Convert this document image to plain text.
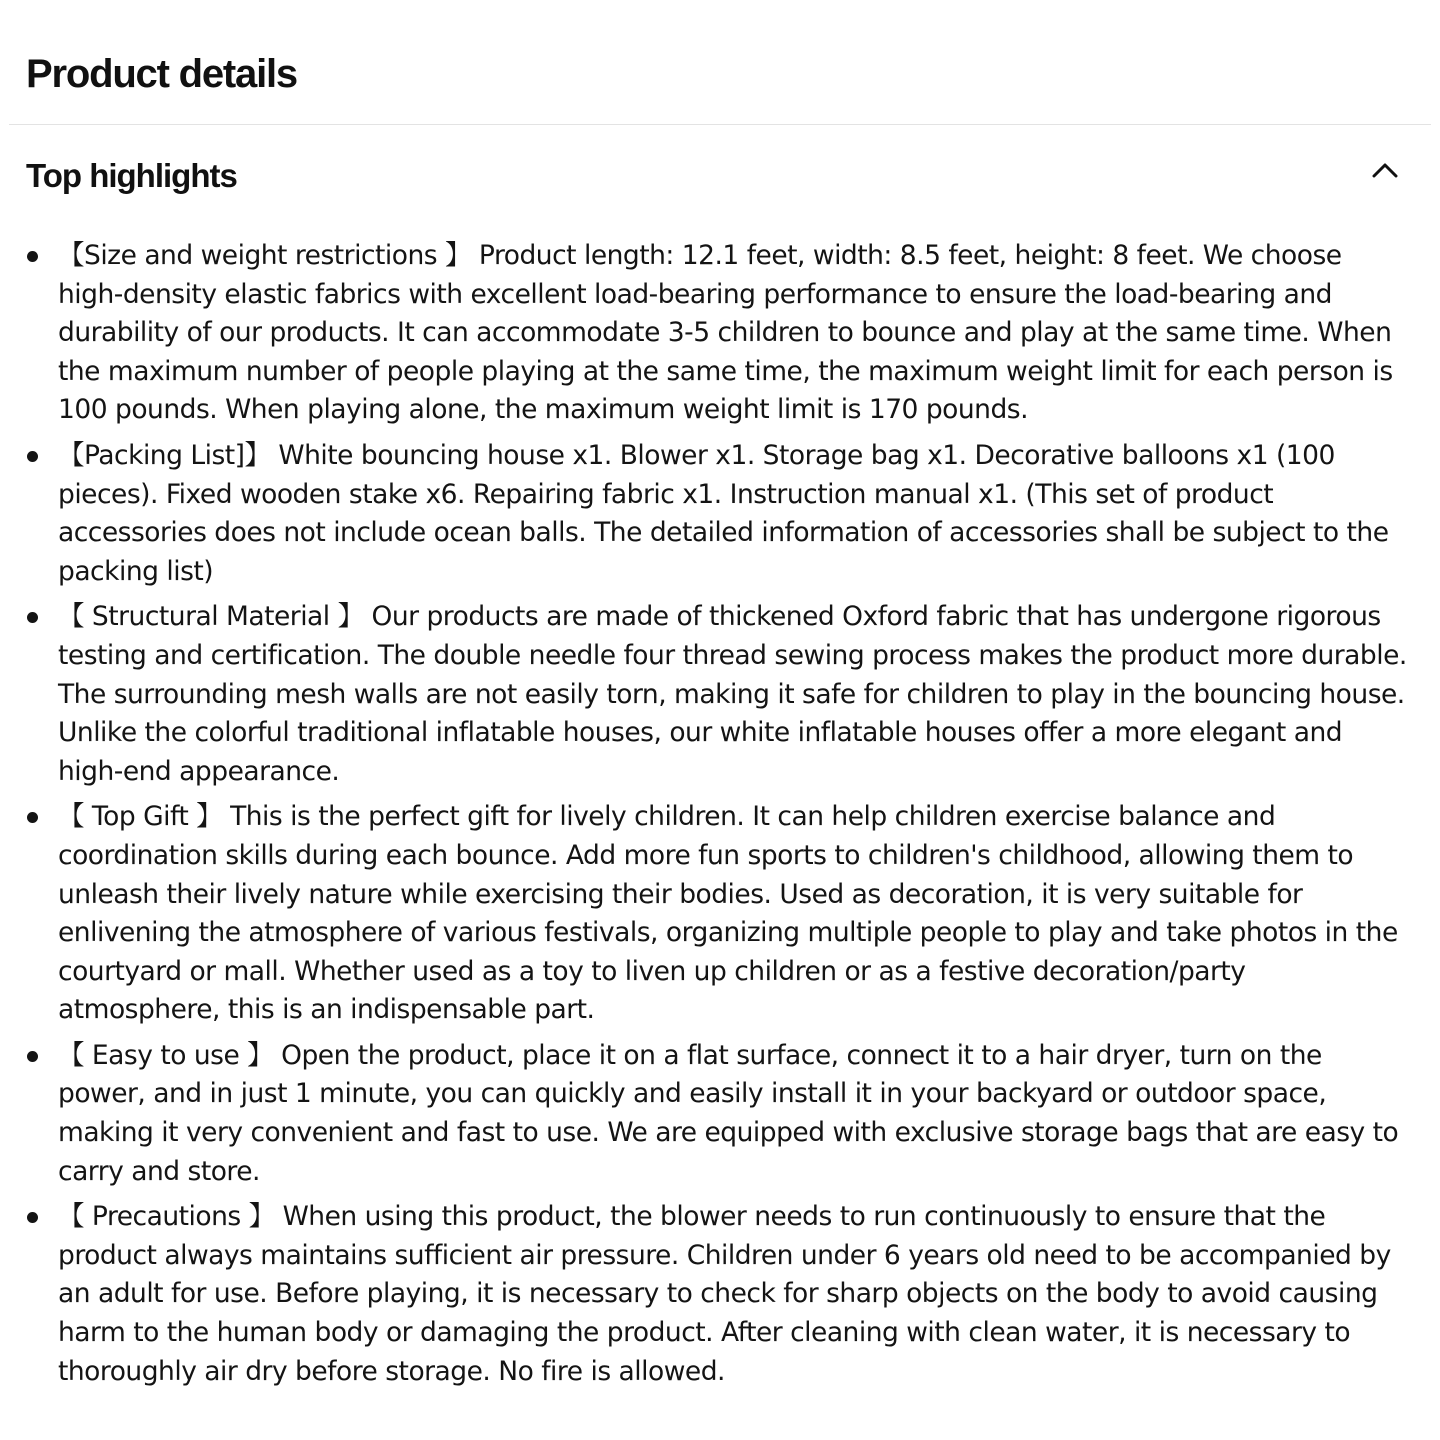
Product details
Top highlights
【Size and weight restrictions 】 Product length: 12.1 feet, width: 8.5 feet, height: 8 feet. We choose high-density elastic fabrics with excellent load-bearing performance to ensure the load-bearing and durability of our products. It can accommodate 3-5 children to bounce and play at the same time. When the maximum number of people playing at the same time, the maximum weight limit for each person is 100 pounds. When playing alone, the maximum weight limit is 170 pounds.
【Packing List]】 White bouncing house x1. Blower x1. Storage bag x1. Decorative balloons x1 (100 pieces). Fixed wooden stake x6. Repairing fabric x1. Instruction manual x1. (This set of product accessories does not include ocean balls. The detailed information of accessories shall be subject to the packing list)
【 Structural Material 】 Our products are made of thickened Oxford fabric that has undergone rigorous testing and certification. The double needle four thread sewing process makes the product more durable. The surrounding mesh walls are not easily torn, making it safe for children to play in the bouncing house. Unlike the colorful traditional inflatable houses, our white inflatable houses offer a more elegant and high-end appearance.
【 Top Gift 】 This is the perfect gift for lively children. It can help children exercise balance and coordination skills during each bounce. Add more fun sports to children's childhood, allowing them to unleash their lively nature while exercising their bodies. Used as decoration, it is very suitable for enlivening the atmosphere of various festivals, organizing multiple people to play and take photos in the courtyard or mall. Whether used as a toy to liven up children or as a festive decoration/party atmosphere, this is an indispensable part.
【 Easy to use 】 Open the product, place it on a flat surface, connect it to a hair dryer, turn on the power, and in just 1 minute, you can quickly and easily install it in your backyard or outdoor space, making it very convenient and fast to use. We are equipped with exclusive storage bags that are easy to carry and store.
【 Precautions 】 When using this product, the blower needs to run continuously to ensure that the product always maintains sufficient air pressure. Children under 6 years old need to be accompanied by an adult for use. Before playing, it is necessary to check for sharp objects on the body to avoid causing harm to the human body or damaging the product. After cleaning with clean water, it is necessary to thoroughly air dry before storage. No fire is allowed.
